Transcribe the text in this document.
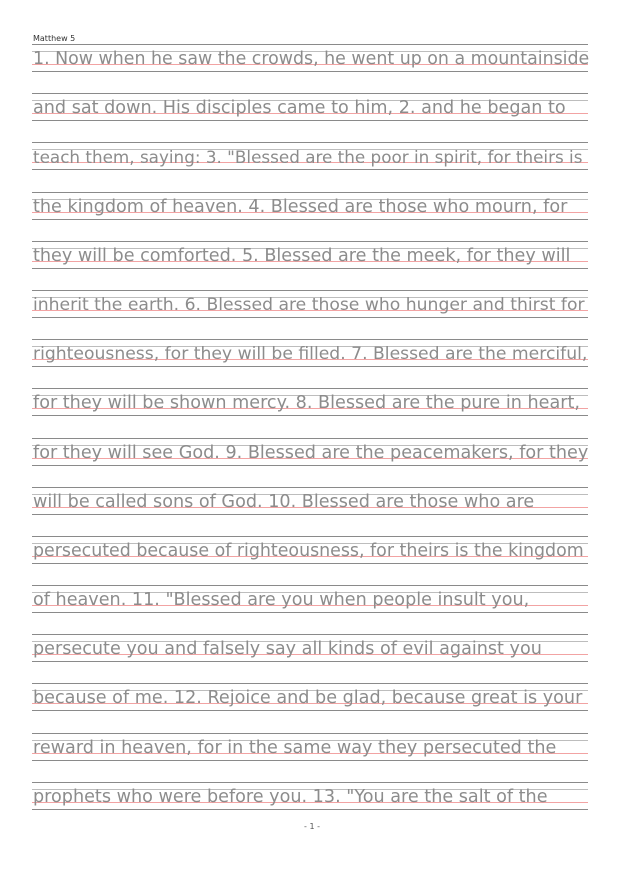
Matthew 5
1. Now when he saw the crowds, he went up on a mountainside
and sat down. His disciples came to him, 2. and he began to
teach them, saying: 3. "Blessed are the poor in spirit, for theirs is
the kingdom of heaven. 4. Blessed are those who mourn, for
they will be comforted. 5. Blessed are the meek, for they will
inherit the earth. 6. Blessed are those who hunger and thirst for
righteousness, for they will be filled. 7. Blessed are the merciful,
for they will be shown mercy. 8. Blessed are the pure in heart,
for they will see God. 9. Blessed are the peacemakers, for they
will be called sons of God. 10. Blessed are those who are
persecuted because of righteousness, for theirs is the kingdom
of heaven. 11. "Blessed are you when people insult you,
persecute you and falsely say all kinds of evil against you
because of me. 12. Rejoice and be glad, because great is your
reward in heaven, for in the same way they persecuted the
prophets who were before you. 13. "You are the salt of the
- 1 -
